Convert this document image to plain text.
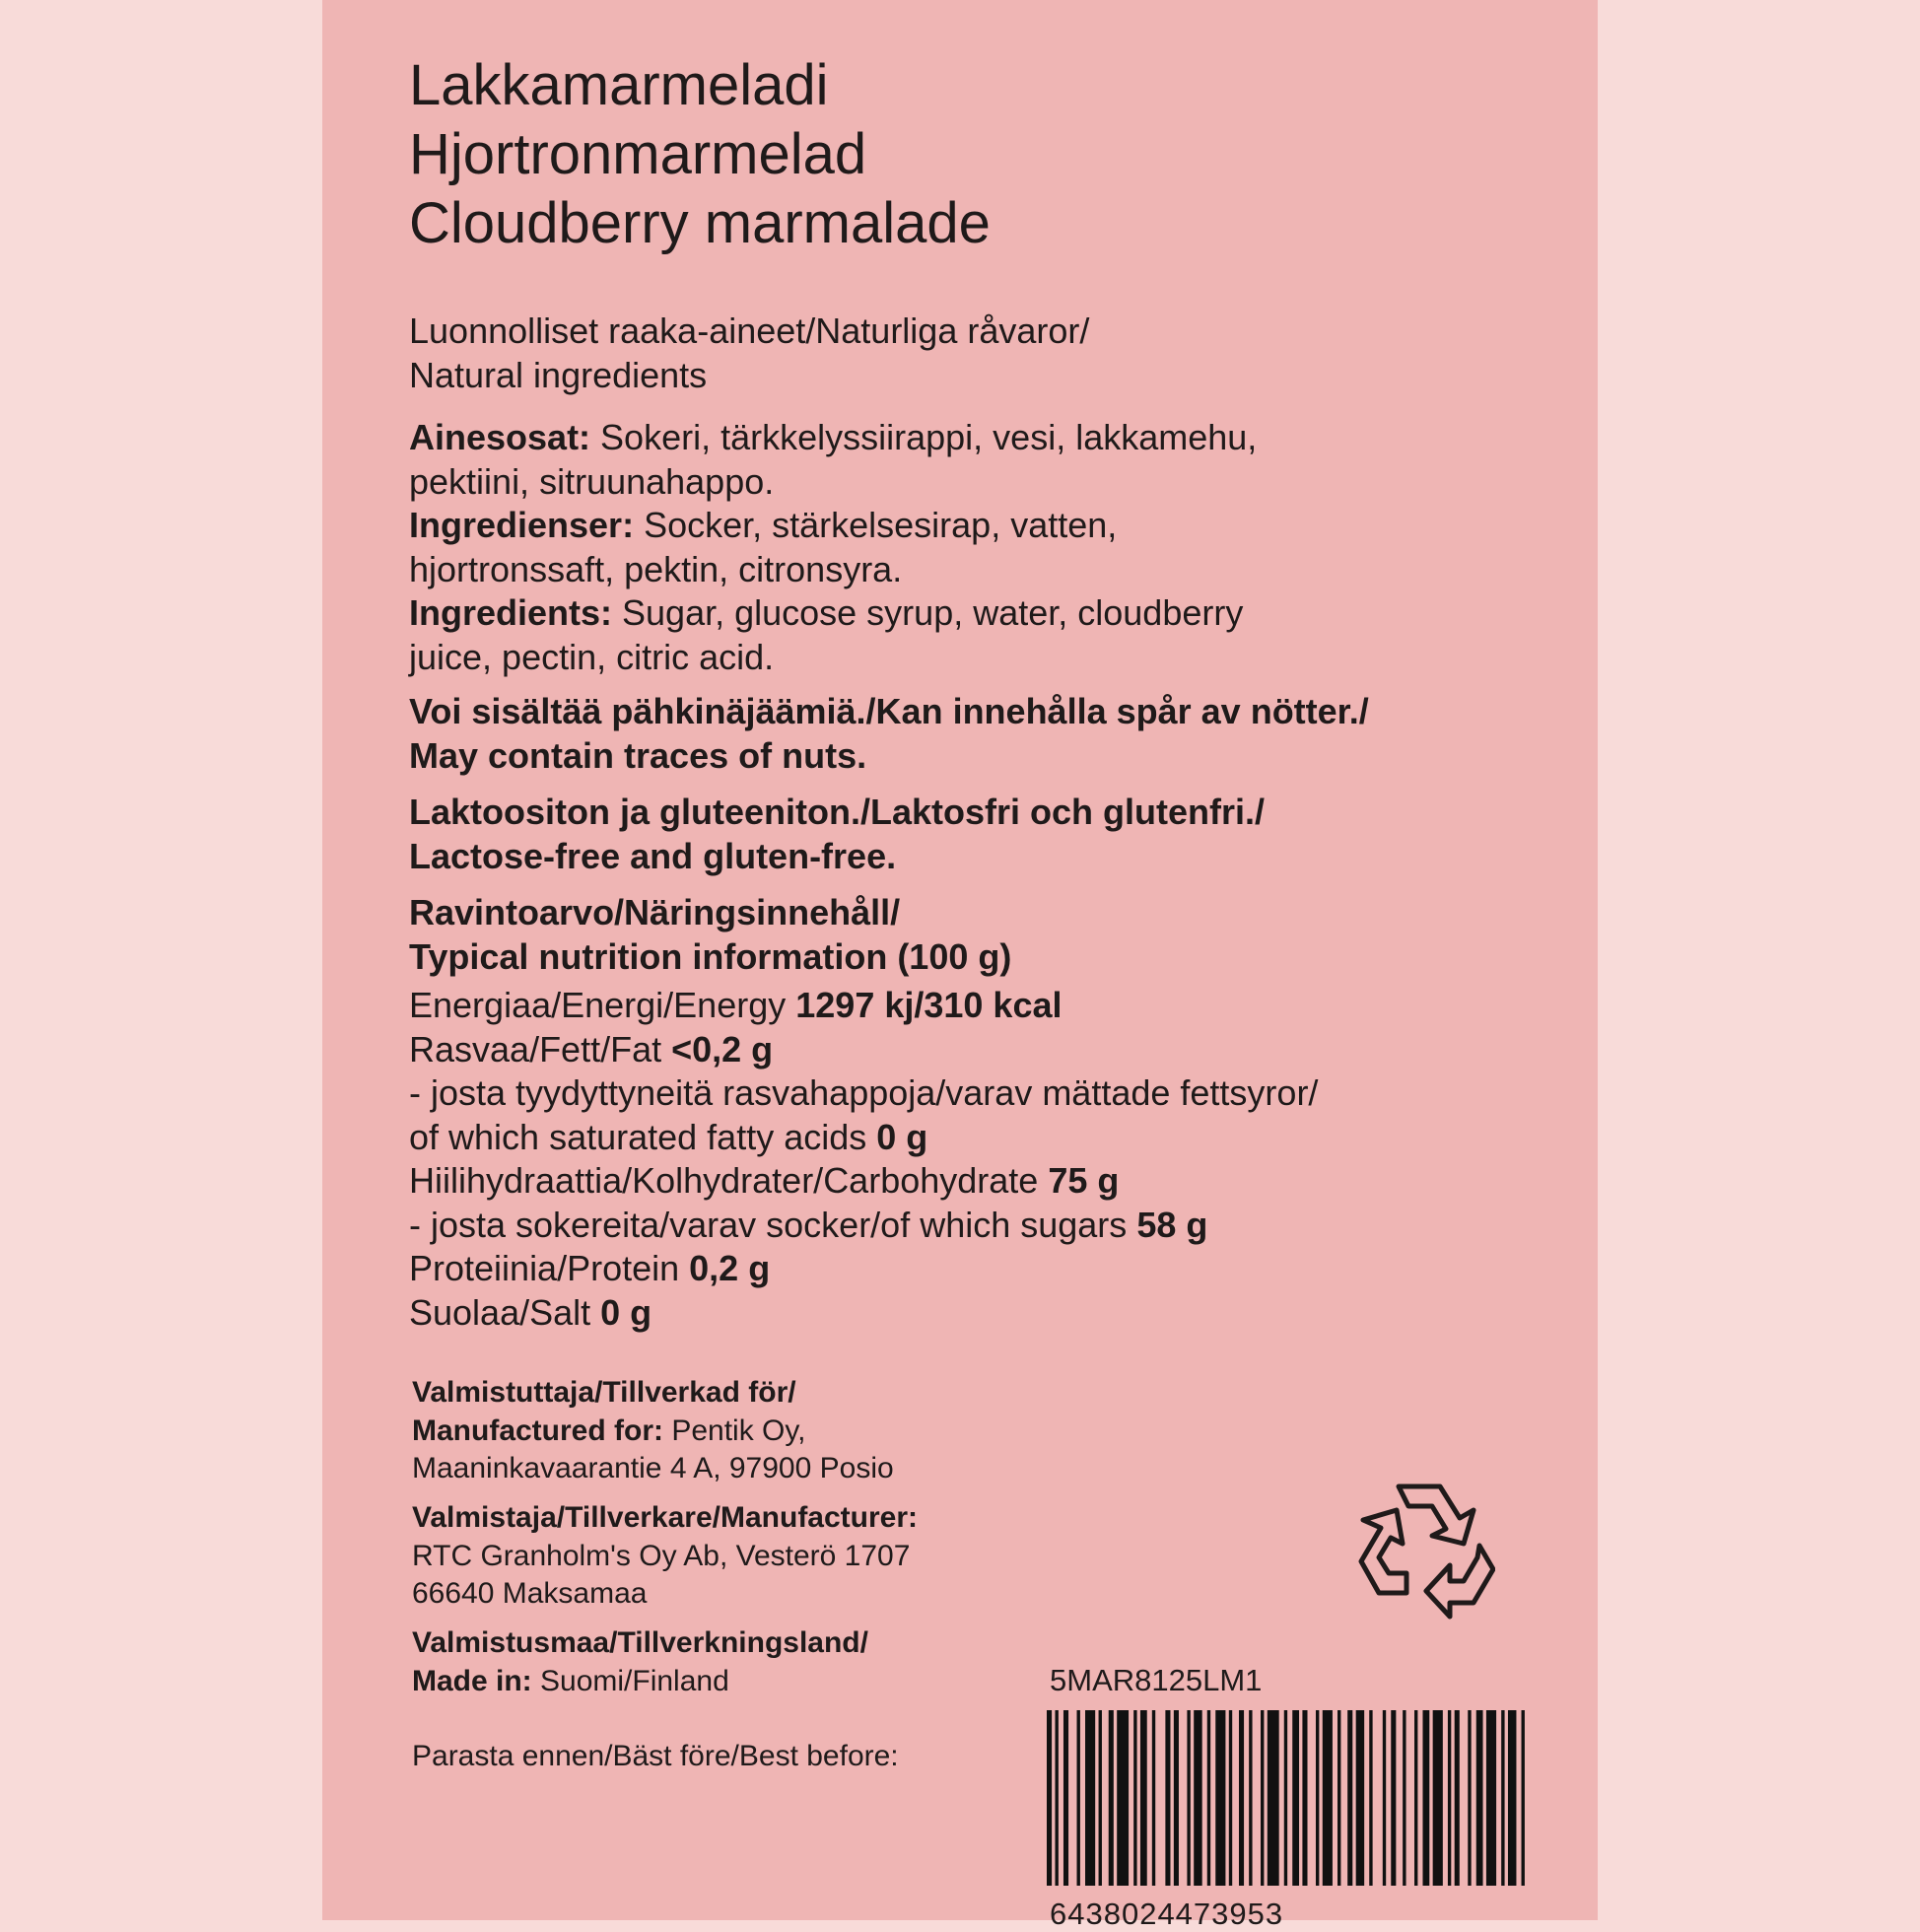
Lakkamarmeladi
Hjortronmarmelad
Cloudberry marmalade
Luonnolliset raaka-aineet/Naturliga råvaror/
Natural ingredients
Ainesosat: Sokeri, tärkkelyssiirappi, vesi, lakkamehu,
pektiini, sitruunahappo.
Ingredienser: Socker, stärkelsesirap, vatten,
hjortronssaft, pektin, citronsyra.
Ingredients: Sugar, glucose syrup, water, cloudberry
juice, pectin, citric acid.
Voi sisältää pähkinäjäämiä./Kan innehålla spår av nötter./
May contain traces of nuts.
Laktoositon ja gluteeniton./Laktosfri och glutenfri./
Lactose-free and gluten-free.
Ravintoarvo/Näringsinnehåll/
Typical nutrition information (100 g)
Energiaa/Energi/Energy 1297 kj/310 kcal
Rasvaa/Fett/Fat <0,2 g
- josta tyydyttyneitä rasvahappoja/varav mättade fettsyror/
of which saturated fatty acids 0 g
Hiilihydraattia/Kolhydrater/Carbohydrate 75 g
- josta sokereita/varav socker/of which sugars 58 g
Proteiinia/Protein 0,2 g
Suolaa/Salt 0 g
Valmistuttaja/Tillverkad för/
Manufactured for: Pentik Oy,
Maaninkavaarantie 4 A, 97900 Posio
Valmistaja/Tillverkare/Manufacturer:
RTC Granholm's Oy Ab, Vesterö 1707
66640 Maksamaa
Valmistusmaa/Tillverkningsland/
Made in: Suomi/Finland
Parasta ennen/Bäst före/Best before:
5MAR8125LM1
6438024473953
